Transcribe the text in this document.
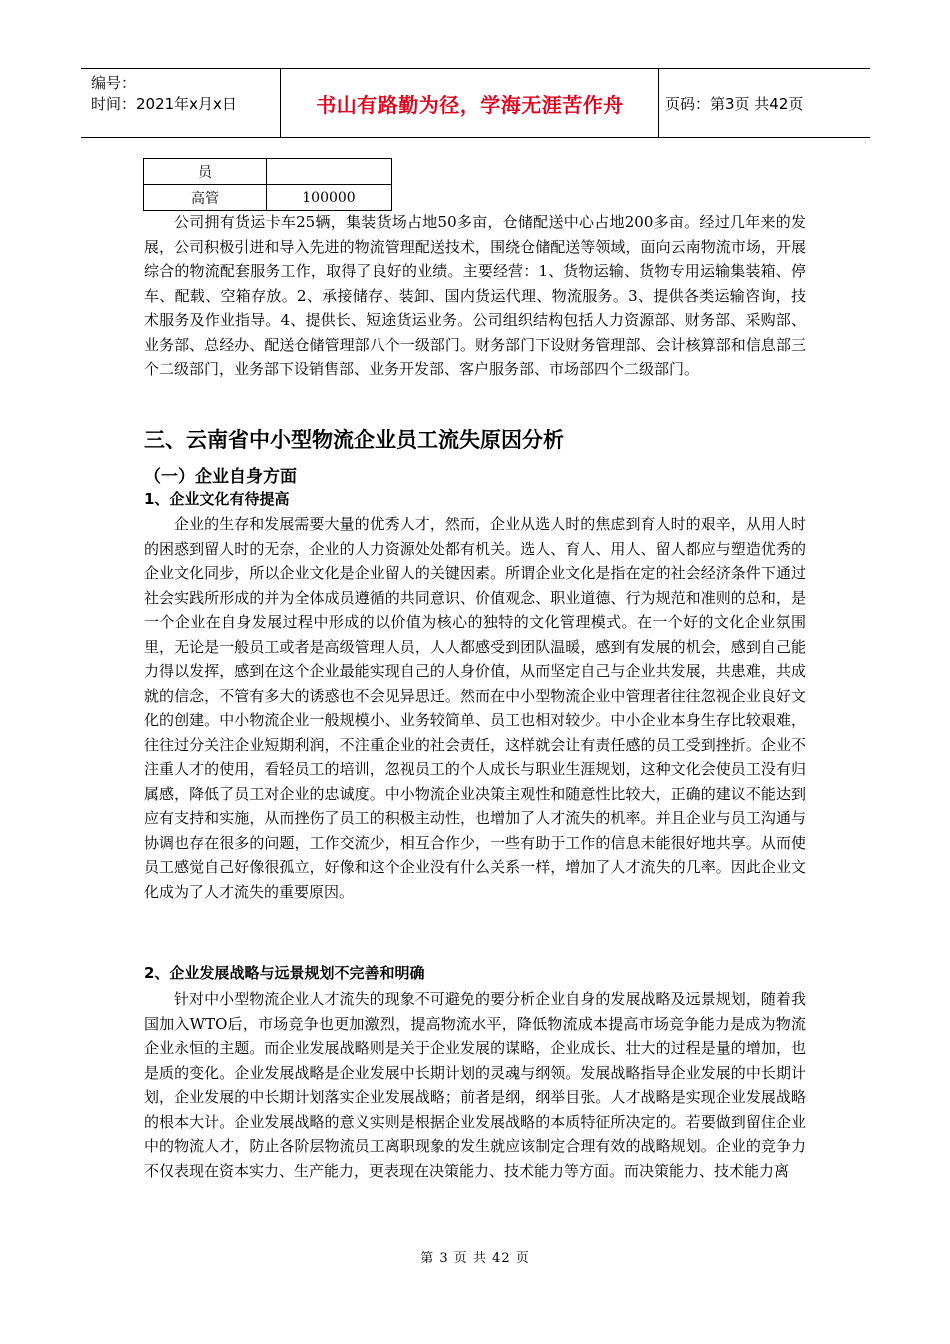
编号：
时间：2021年x月x日	书山有路勤为径，学海无涯苦作舟	页码：第3页 共42页
员	
高管	100000

公司拥有货运卡车25辆，集装货场占地50多亩，仓储配送中心占地200多亩。经过几年来的发展，公司积极引进和导入先进的物流管理配送技术，围绕仓储配送等领域，面向云南物流市场，开展综合的物流配套服务工作，取得了良好的业绩。主要经营：1、货物运输、货物专用运输集装箱、停车、配载、空箱存放。2、承接储存、装卸、国内货运代理、物流服务。3、提供各类运输咨询，技术服务及作业指导。4、提供长、短途货运业务。公司组织结构包括人力资源部、财务部、采购部、业务部、总经办、配送仓储管理部八个一级部门。财务部门下设财务管理部、会计核算部和信息部三个二级部门，业务部下设销售部、业务开发部、客户服务部、市场部四个二级部门。

三、云南省中小型物流企业员工流失原因分析
（一）企业自身方面
1、企业文化有待提高

企业的生存和发展需要大量的优秀人才，然而，企业从选人时的焦虑到育人时的艰辛，从用人时的困惑到留人时的无奈，企业的人力资源处处都有机关。选人、育人、用人、留人都应与塑造优秀的企业文化同步，所以企业文化是企业留人的关键因素。所谓企业文化是指在定的社会经济条件下通过社会实践所形成的并为全体成员遵循的共同意识、价值观念、职业道德、行为规范和准则的总和，是一个企业在自身发展过程中形成的以价值为核心的独特的文化管理模式。在一个好的文化企业氛围里，无论是一般员工或者是高级管理人员，人人都感受到团队温暖，感到有发展的机会，感到自己能力得以发挥，感到在这个企业最能实现自己的人身价值，从而坚定自己与企业共发展，共患难，共成就的信念，不管有多大的诱惑也不会见异思迁。然而在中小型物流企业中管理者往往忽视企业良好文化的创建。中小物流企业一般规模小、业务较简单、员工也相对较少。中小企业本身生存比较艰难，往往过分关注企业短期利润，不注重企业的社会责任，这样就会让有责任感的员工受到挫折。企业不注重人才的使用，看轻员工的培训，忽视员工的个人成长与职业生涯规划，这种文化会使员工没有归属感，降低了员工对企业的忠诚度。中小物流企业决策主观性和随意性比较大，正确的建议不能达到应有支持和实施，从而挫伤了员工的积极主动性，也增加了人才流失的机率。并且企业与员工沟通与协调也存在很多的问题，工作交流少，相互合作少，一些有助于工作的信息未能很好地共享。从而使员工感觉自己好像很孤立，好像和这个企业没有什么关系一样，增加了人才流失的几率。因此企业文化成为了人才流失的重要原因。

2、企业发展战略与远景规划不完善和明确

针对中小型物流企业人才流失的现象不可避免的要分析企业自身的发展战略及远景规划，随着我国加入WTO后，市场竞争也更加激烈，提高物流水平，降低物流成本提高市场竞争能力是成为物流企业永恒的主题。而企业发展战略则是关于企业发展的谋略，企业成长、壮大的过程是量的增加，也是质的变化。企业发展战略是企业发展中长期计划的灵魂与纲领。发展战略指导企业发展的中长期计划，企业发展的中长期计划落实企业发展战略；前者是纲，纲举目张。人才战略是实现企业发展战略的根本大计。企业发展战略的意义实则是根据企业发展战略的本质特征所决定的。若要做到留住企业中的物流人才，防止各阶层物流员工离职现象的发生就应该制定合理有效的战略规划。企业的竞争力不仅表现在资本实力、生产能力，更表现在决策能力、技术能力等方面。而决策能力、技术能力离

第 3 页 共 42 页
